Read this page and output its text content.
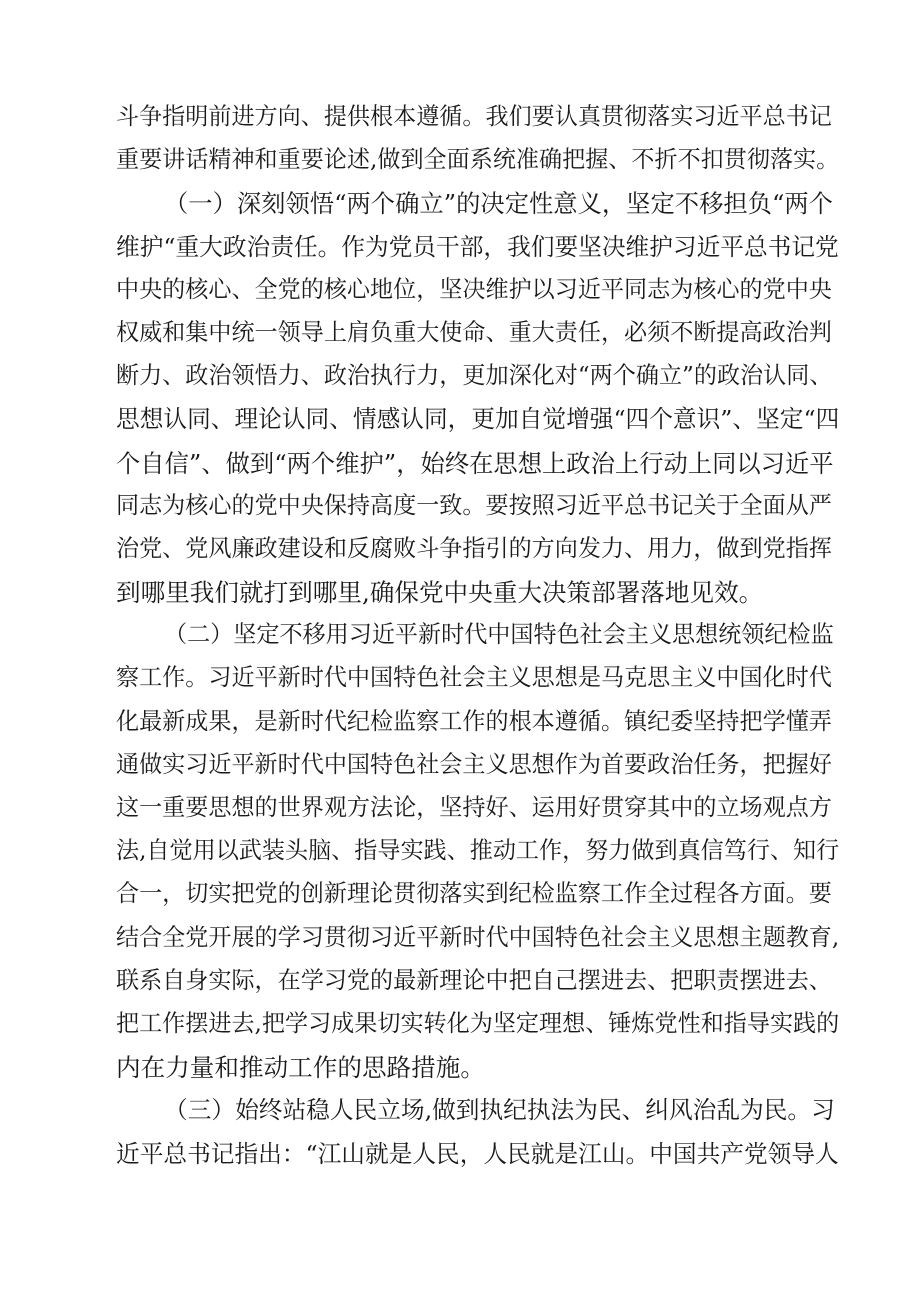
斗争指明前进方向、提供根本遵循。我们要认真贯彻落实习近平总书记
重要讲话精神和重要论述,做到全面系统准确把握、不折不扣贯彻落实。
（一）深刻领悟“两个确立”的决定性意义，坚定不移担负“两个
维护“重大政治责任。作为党员干部，我们要坚决维护习近平总书记党
中央的核心、全党的核心地位，坚决维护以习近平同志为核心的党中央
权威和集中统一领导上肩负重大使命、重大责任，必须不断提高政治判
断力、政治领悟力、政治执行力，更加深化对“两个确立”的政治认同、
思想认同、理论认同、情感认同，更加自觉增强“四个意识”、坚定“四
个自信”、做到“两个维护”，始终在思想上政治上行动上同以习近平
同志为核心的党中央保持高度一致。要按照习近平总书记关于全面从严
治党、党风廉政建设和反腐败斗争指引的方向发力、用力，做到党指挥
到哪里我们就打到哪里,确保党中央重大决策部署落地见效。
（二）坚定不移用习近平新时代中国特色社会主义思想统领纪检监
察工作。习近平新时代中国特色社会主义思想是马克思主义中国化时代
化最新成果，是新时代纪检监察工作的根本遵循。镇纪委坚持把学懂弄
通做实习近平新时代中国特色社会主义思想作为首要政治任务，把握好
这一重要思想的世界观方法论，坚持好、运用好贯穿其中的立场观点方
法,自觉用以武装头脑、指导实践、推动工作，努力做到真信笃行、知行
合一，切实把党的创新理论贯彻落实到纪检监察工作全过程各方面。要
结合全党开展的学习贯彻习近平新时代中国特色社会主义思想主题教育,
联系自身实际，在学习党的最新理论中把自己摆进去、把职责摆进去、
把工作摆进去,把学习成果切实转化为坚定理想、锤炼党性和指导实践的
内在力量和推动工作的思路措施。
（三）始终站稳人民立场,做到执纪执法为民、纠风治乱为民。习
近平总书记指出：“江山就是人民，人民就是江山。中国共产党领导人
